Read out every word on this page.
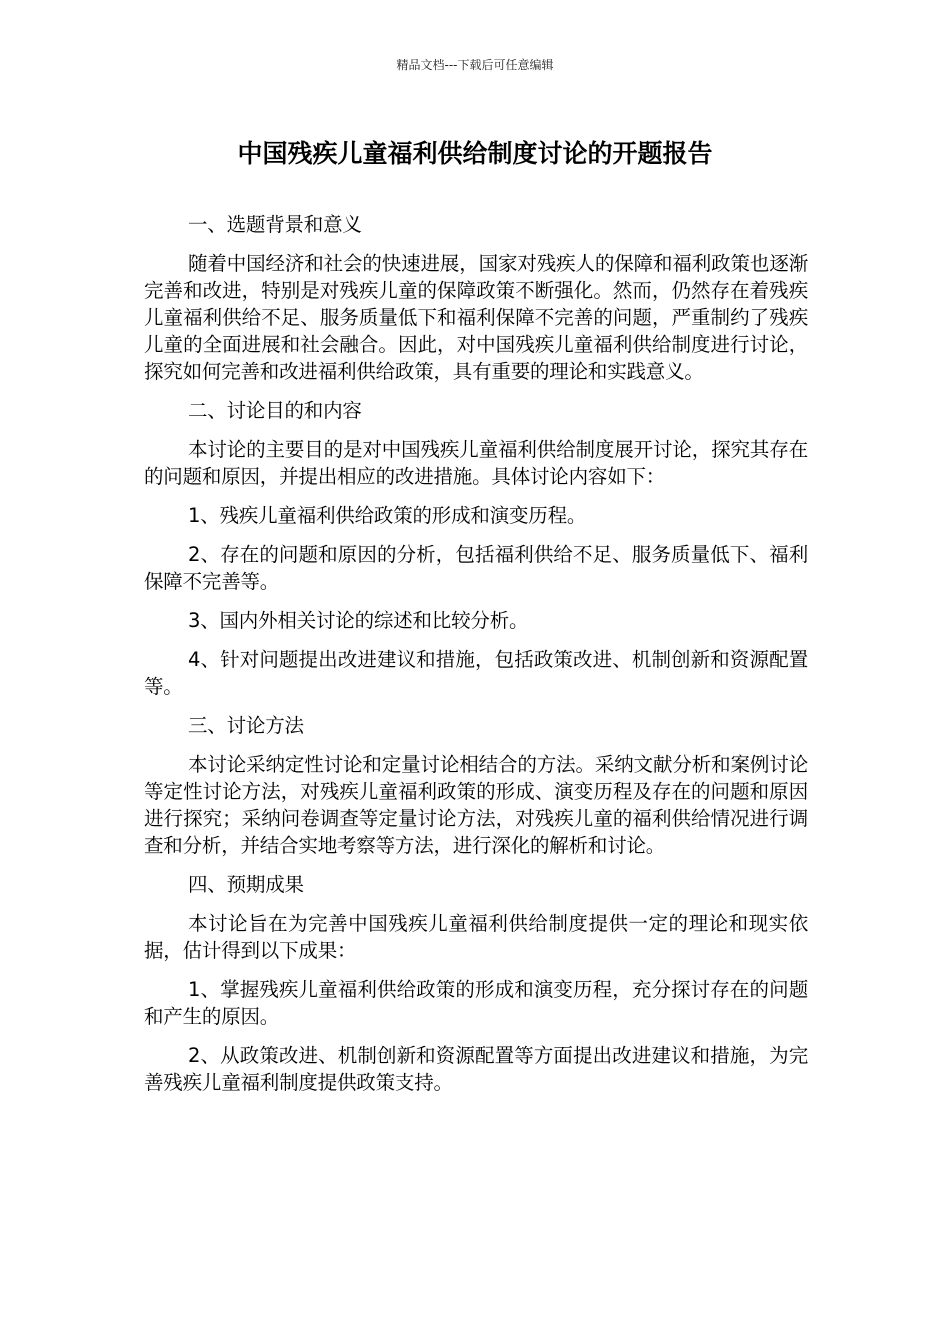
精品文档---下载后可任意编辑
中国残疾儿童福利供给制度讨论的开题报告

一、选题背景和意义

随着中国经济和社会的快速进展，国家对残疾人的保障和福利政策也逐渐完善和改进，特别是对残疾儿童的保障政策不断强化。然而，仍然存在着残疾儿童福利供给不足、服务质量低下和福利保障不完善的问题，严重制约了残疾儿童的全面进展和社会融合。因此，对中国残疾儿童福利供给制度进行讨论，探究如何完善和改进福利供给政策，具有重要的理论和实践意义。

二、讨论目的和内容

本讨论的主要目的是对中国残疾儿童福利供给制度展开讨论，探究其存在的问题和原因，并提出相应的改进措施。具体讨论内容如下：

1、残疾儿童福利供给政策的形成和演变历程。

2、存在的问题和原因的分析，包括福利供给不足、服务质量低下、福利保障不完善等。

3、国内外相关讨论的综述和比较分析。

4、针对问题提出改进建议和措施，包括政策改进、机制创新和资源配置等。

三、讨论方法

本讨论采纳定性讨论和定量讨论相结合的方法。采纳文献分析和案例讨论等定性讨论方法，对残疾儿童福利政策的形成、演变历程及存在的问题和原因进行探究；采纳问卷调查等定量讨论方法，对残疾儿童的福利供给情况进行调查和分析，并结合实地考察等方法，进行深化的解析和讨论。

四、预期成果

本讨论旨在为完善中国残疾儿童福利供给制度提供一定的理论和现实依据，估计得到以下成果：

1、掌握残疾儿童福利供给政策的形成和演变历程，充分探讨存在的问题和产生的原因。

2、从政策改进、机制创新和资源配置等方面提出改进建议和措施，为完善残疾儿童福利制度提供政策支持。
